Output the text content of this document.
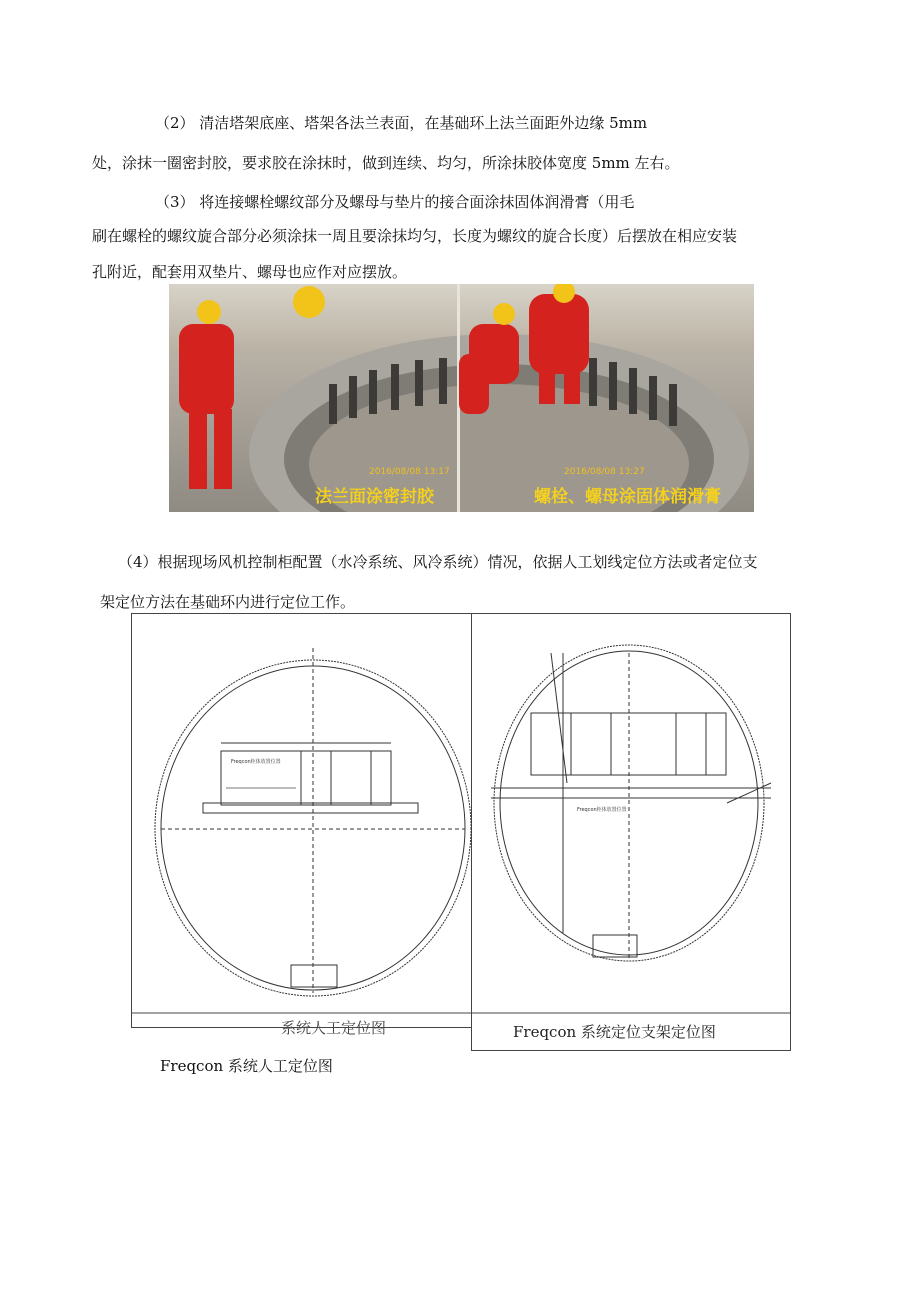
（2） 清洁塔架底座、塔架各法兰表面，在基础环上法兰面距外边缘 5mm
处，涂抹一圈密封胶，要求胶在涂抹时，做到连续、均匀，所涂抹胶体宽度 5mm 左右。
（3） 将连接螺栓螺纹部分及螺母与垫片的接合面涂抹固体润滑膏（用毛
刷在螺栓的螺纹旋合部分必须涂抹一周且要涂抹均匀，长度为螺纹的旋合长度）后摆放在相应安装
孔附近，配套用双垫片、螺母也应作对应摆放。
2016/08/08 13:17	2016/08/08 13:27
法兰面涂密封胶	螺栓、螺母涂固体润滑膏
（4）根据现场风机控制柜配置（水冷系统、风冷系统）情况，依据人工划线定位方法或者定位支
架定位方法在基础环内进行定位工作。
Freqcon柜体放置位置
Freqcon柜体放置位置
系统人工定位图	Freqcon 系统定位支架定位图
Freqcon 系统人工定位图
